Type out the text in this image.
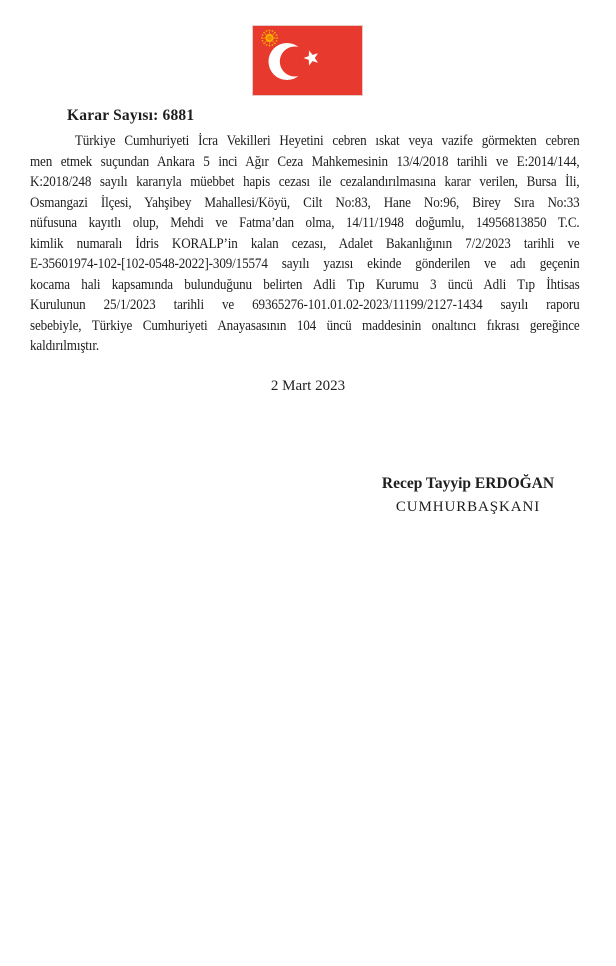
Karar Sayısı: 6881
Türkiye Cumhuriyeti İcra Vekilleri Heyetini cebren ıskat veya vazife görmekten cebren
men etmek suçundan Ankara 5 inci Ağır Ceza Mahkemesinin 13/4/2018 tarihli ve E:2014/144,
K:2018/248 sayılı kararıyla müebbet hapis cezası ile cezalandırılmasına karar verilen, Bursa İli,
Osmangazi İlçesi, Yahşibey Mahallesi/Köyü, Cilt No:83, Hane No:96, Birey Sıra No:33
nüfusuna kayıtlı olup, Mehdi ve Fatma’dan olma, 14/11/1948 doğumlu, 14956813850 T.C.
kimlik numaralı İdris KORALP’in kalan cezası, Adalet Bakanlığının 7/2/2023 tarihli ve
E-35601974-102-[102-0548-2022]-309/15574 sayılı yazısı ekinde gönderilen ve adı geçenin
kocama hali kapsamında bulunduğunu belirten Adli Tıp Kurumu 3 üncü Adli Tıp İhtisas
Kurulunun 25/1/2023 tarihli ve 69365276-101.01.02-2023/11199/2127-1434 sayılı raporu
sebebiyle, Türkiye Cumhuriyeti Anayasasının 104 üncü maddesinin onaltıncı fıkrası gereğince
kaldırılmıştır.
2 Mart 2023
Recep Tayyip ERDOĞAN
CUMHURBAŞKANI
